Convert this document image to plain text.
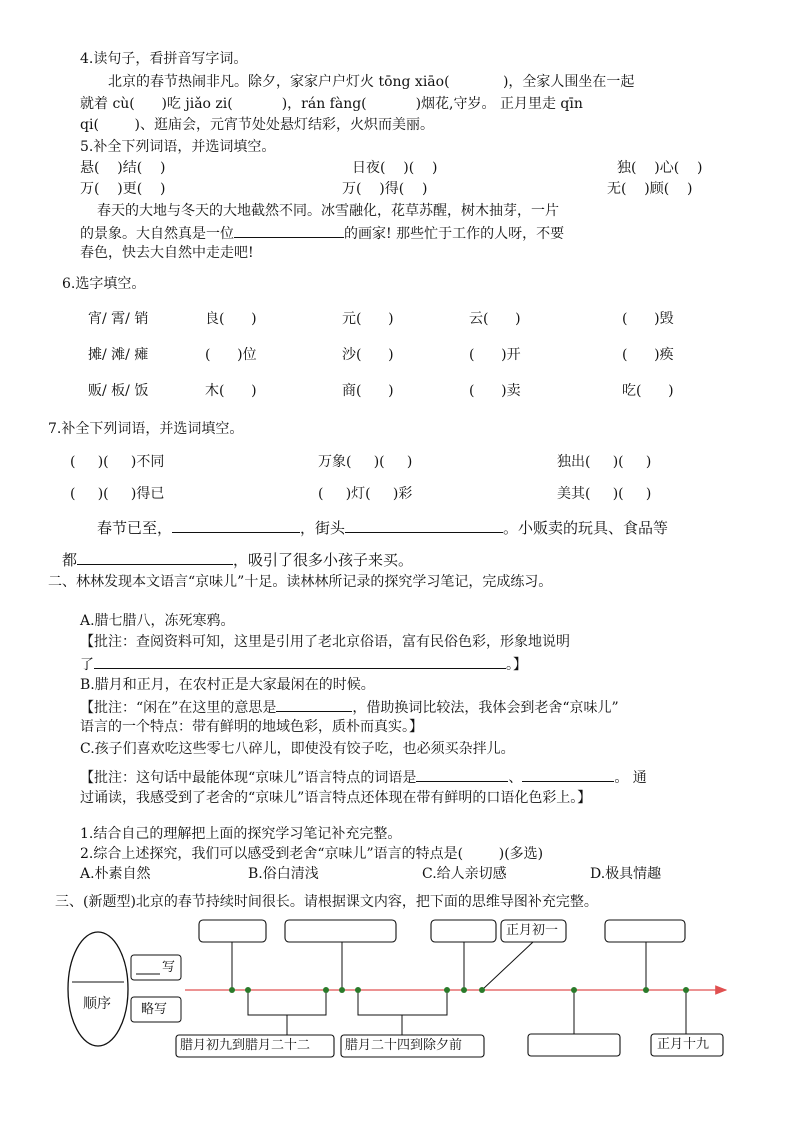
4.读句子，看拼音写字词。
北京的春节热闹非凡。除夕，家家户户灯火 tōng xiāo(            )，全家人围坐在一起
就着 cù(      )吃 jiǎo zi(           )，rán fàng(           )烟花,守岁。 正月里走 qīn
qi(        )、逛庙会，元宵节处处悬灯结彩，火炽而美丽。
5.补全下列词语，并选词填空。
悬(    )结(    )	日夜(    )(    )	独(    )心(    )
万(    )更(    )	万(    )得(    )	无(    )顾(    )
春天的大地与冬天的大地截然不同。冰雪融化，花草苏醒，树木抽芽，一片
的景象。大自然真是一位	的画家! 那些忙于工作的人呀，不要
春色，快去大自然中走走吧!
6.选字填空。
宵/ 霄/ 销	良(      )	元(      )	云(      )	(      )毁
摊/ 滩/ 瘫	(      )位	沙(      )	(      )开	(      )痪
贩/ 板/ 饭	木(      )	商(      )	(      )卖	吃(      )
7.补全下列词语，并选词填空。
(     )(     )不同	万象(     )(     )	独出(     )(     )
(     )(     )得已	(     )灯(     )彩	美其(     )(     )
春节已至，	，街头	。小贩卖的玩具、食品等
都	，吸引了很多小孩子来买。
二、林林发现本文语言“京味儿”十足。读林林所记录的探究学习笔记，完成练习。
A.腊七腊八，冻死寒鸦。
【批注：查阅资料可知，这里是引用了老北京俗语，富有民俗色彩，形象地说明
了	。】
B.腊月和正月，在农村正是大家最闲在的时候。
【批注：“闲在”在这里的意思是	，借助换词比较法，我体会到老舍“京味儿”
语言的一个特点：带有鲜明的地域色彩，质朴而真实。】
C.孩子们喜欢吃这些零七八碎儿，即使没有饺子吃，也必须买杂拌儿。
【批注：这句话中最能体现“京味儿”语言特点的词语是	、	。 通
过诵读，我感受到了老舍的“京味儿”语言特点还体现在带有鲜明的口语化色彩上。】
1.结合自己的理解把上面的探究学习笔记补充完整。
2.综合上述探究，我们可以感受到老舍“京味儿”语言的特点是(        )(多选)
A.朴素自然	B.俗白清浅	C.给人亲切感	D.极具情趣
三、(新题型)北京的春节持续时间很长。请根据课文内容，把下面的思维导图补充完整。
顺序
写
略写
正月初一
腊月初九到腊月二十二	腊月二十四到除夕前	正月十九
